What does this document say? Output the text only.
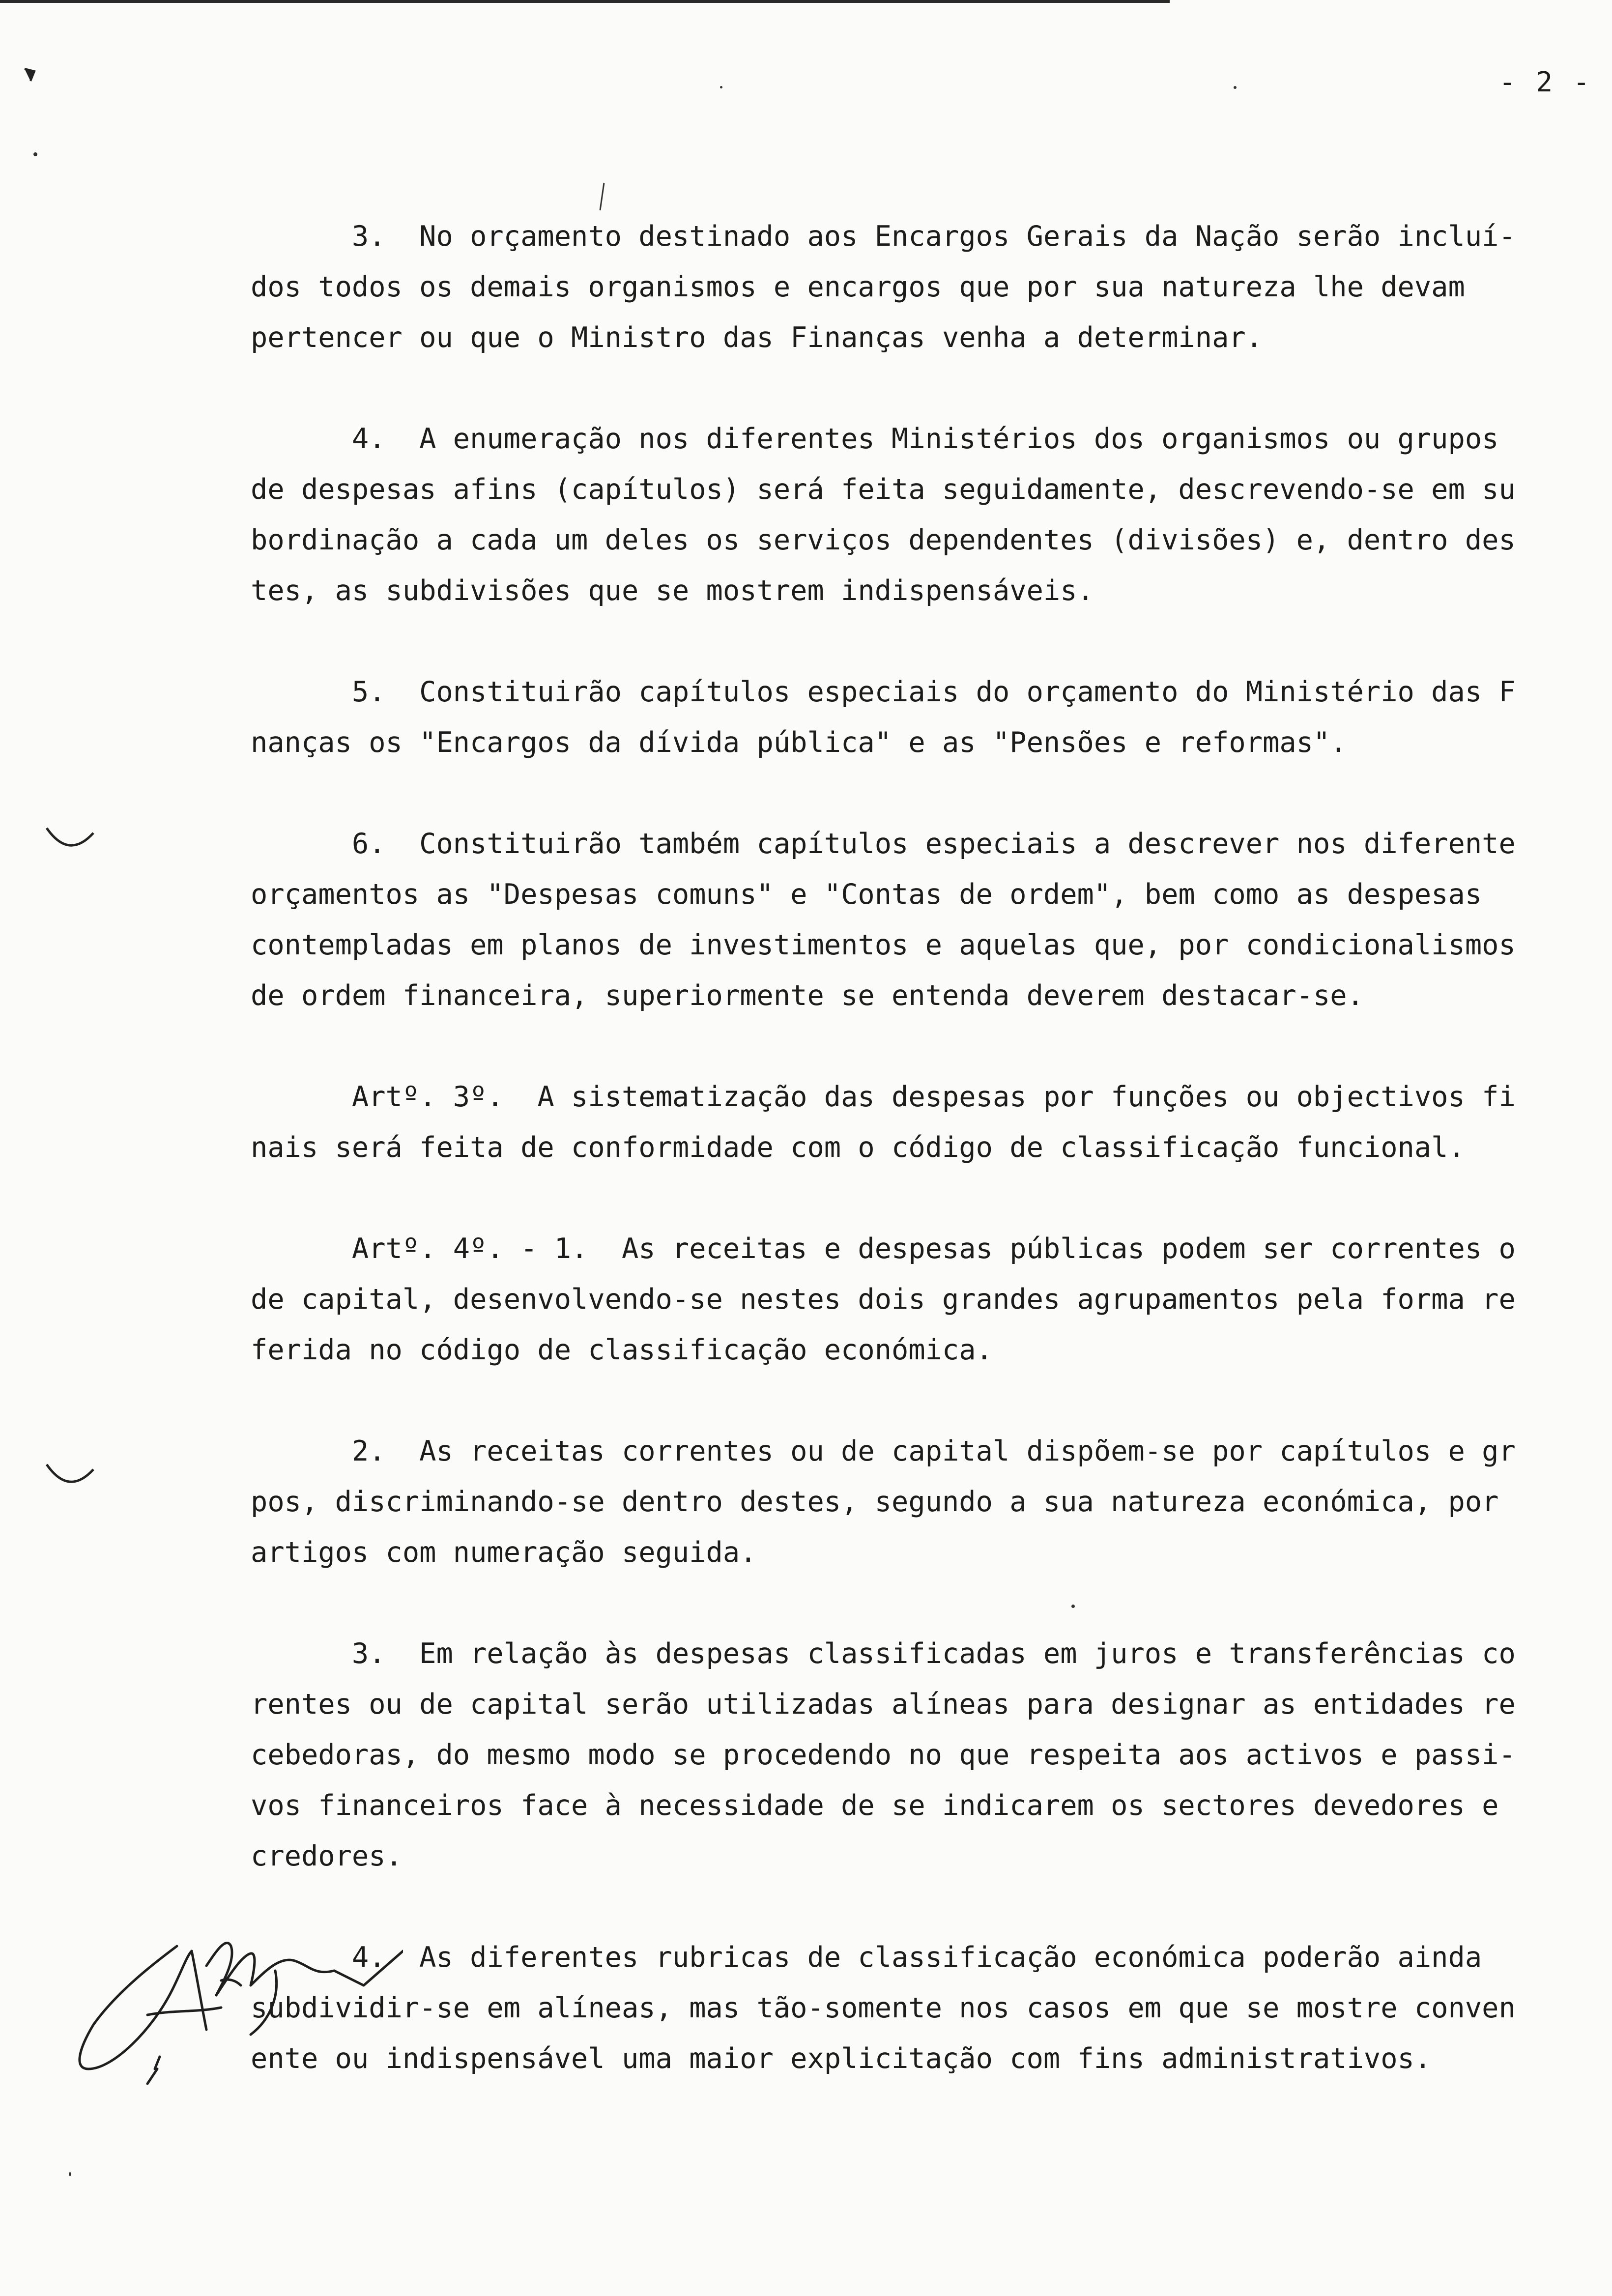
- 2 -
3.  No orçamento destinado aos Encargos Gerais da Nação serão incluí-
dos todos os demais organismos e encargos que por sua natureza lhe devam
pertencer ou que o Ministro das Finanças venha a determinar.
4.  A enumeração nos diferentes Ministérios dos organismos ou grupos
de despesas afins (capítulos) será feita seguidamente, descrevendo-se em su
bordinação a cada um deles os serviços dependentes (divisões) e, dentro des
tes, as subdivisões que se mostrem indispensáveis.
5.  Constituirão capítulos especiais do orçamento do Ministério das F
nanças os "Encargos da dívida pública" e as "Pensões e reformas".
6.  Constituirão também capítulos especiais a descrever nos diferente
orçamentos as "Despesas comuns" e "Contas de ordem", bem como as despesas
contempladas em planos de investimentos e aquelas que, por condicionalismos
de ordem financeira, superiormente se entenda deverem destacar-se.
Artº. 3º.  A sistematização das despesas por funções ou objectivos fi
nais será feita de conformidade com o código de classificação funcional.
Artº. 4º. - 1.  As receitas e despesas públicas podem ser correntes o
de capital, desenvolvendo-se nestes dois grandes agrupamentos pela forma re
ferida no código de classificação económica.
2.  As receitas correntes ou de capital dispõem-se por capítulos e gr
pos, discriminando-se dentro destes, segundo a sua natureza económica, por
artigos com numeração seguida.
3.  Em relação às despesas classificadas em juros e transferências co
rentes ou de capital serão utilizadas alíneas para designar as entidades re
cebedoras, do mesmo modo se procedendo no que respeita aos activos e passi-
vos financeiros face à necessidade de se indicarem os sectores devedores e
credores.
4.  As diferentes rubricas de classificação económica poderão ainda
subdividir-se em alíneas, mas tão-somente nos casos em que se mostre conven
ente ou indispensável uma maior explicitação com fins administrativos.
